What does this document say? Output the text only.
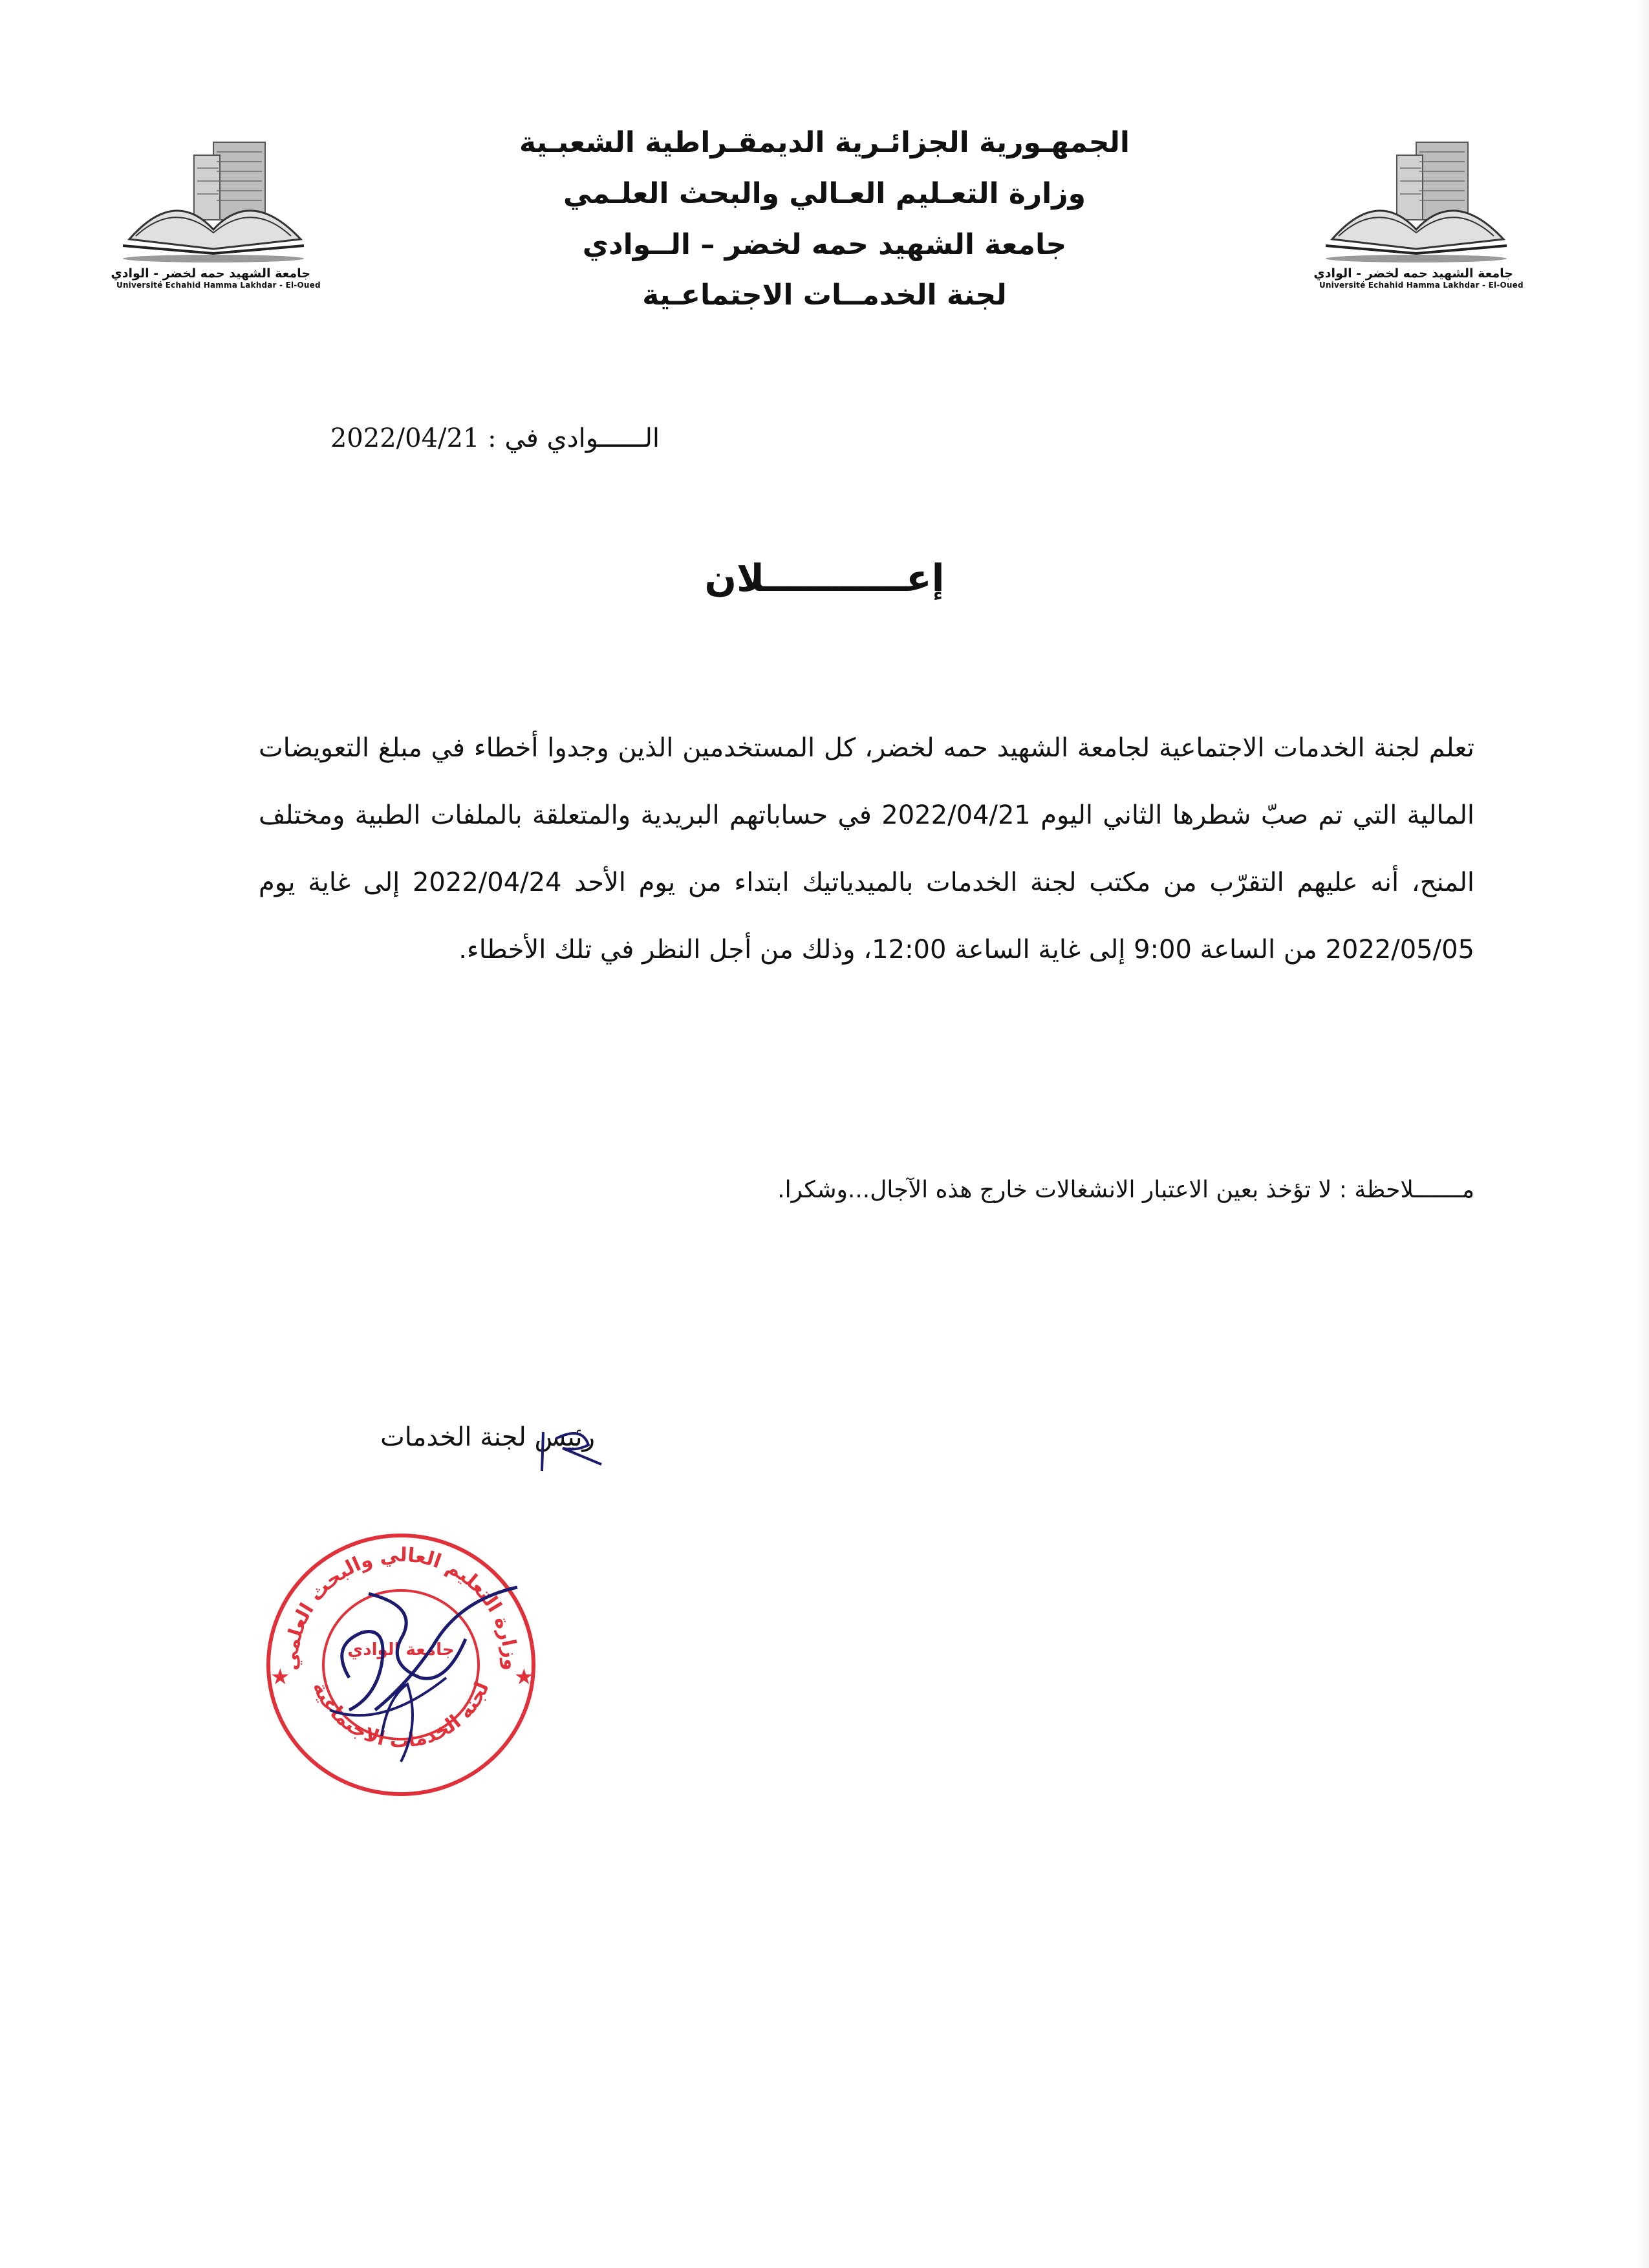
جامعة الشهيد حمه لخضر - الوادي
Université Echahid Hamma Lakhdar - El-Oued
جامعة الشهيد حمه لخضر - الوادي
Université Echahid Hamma Lakhdar - El-Oued
الجمهـورية الجزائـرية الديمقـراطية الشعبـية
وزارة التعـليم العـالي والبحث العلـمي
جامعة الشهيد حمه لخضر – الــوادي
لجنة الخدمــات الاجتماعـية
الــــــوادي في : 2022/04/21
إعـــــــــــلان
تعلم لجنة الخدمات الاجتماعية لجامعة الشهيد حمه لخضر، كل المستخدمين الذين وجدوا أخطاء في مبلغ التعويضات المالية التي تم صبّ شطرها الثاني اليوم 2022/04/21 في حساباتهم البريدية والمتعلقة بالملفات الطبية ومختلف المنح، أنه عليهم التقرّب من مكتب لجنة الخدمات بالميدياتيك ابتداء من يوم الأحد 2022/04/24 إلى غاية يوم 2022/05/05 من الساعة 9:00 إلى غاية الساعة 12:00، وذلك من أجل النظر في تلك الأخطاء.
مـــــــلاحظة : لا تؤخذ بعين الاعتبار الانشغالات خارج هذه الآجال...وشكرا.
رئيس لجنة الخدمات
وزارة التعليم العالي والبحث العلمي
جامعة الوادي
لجنة الخدمات الاجتماعية
★	★
